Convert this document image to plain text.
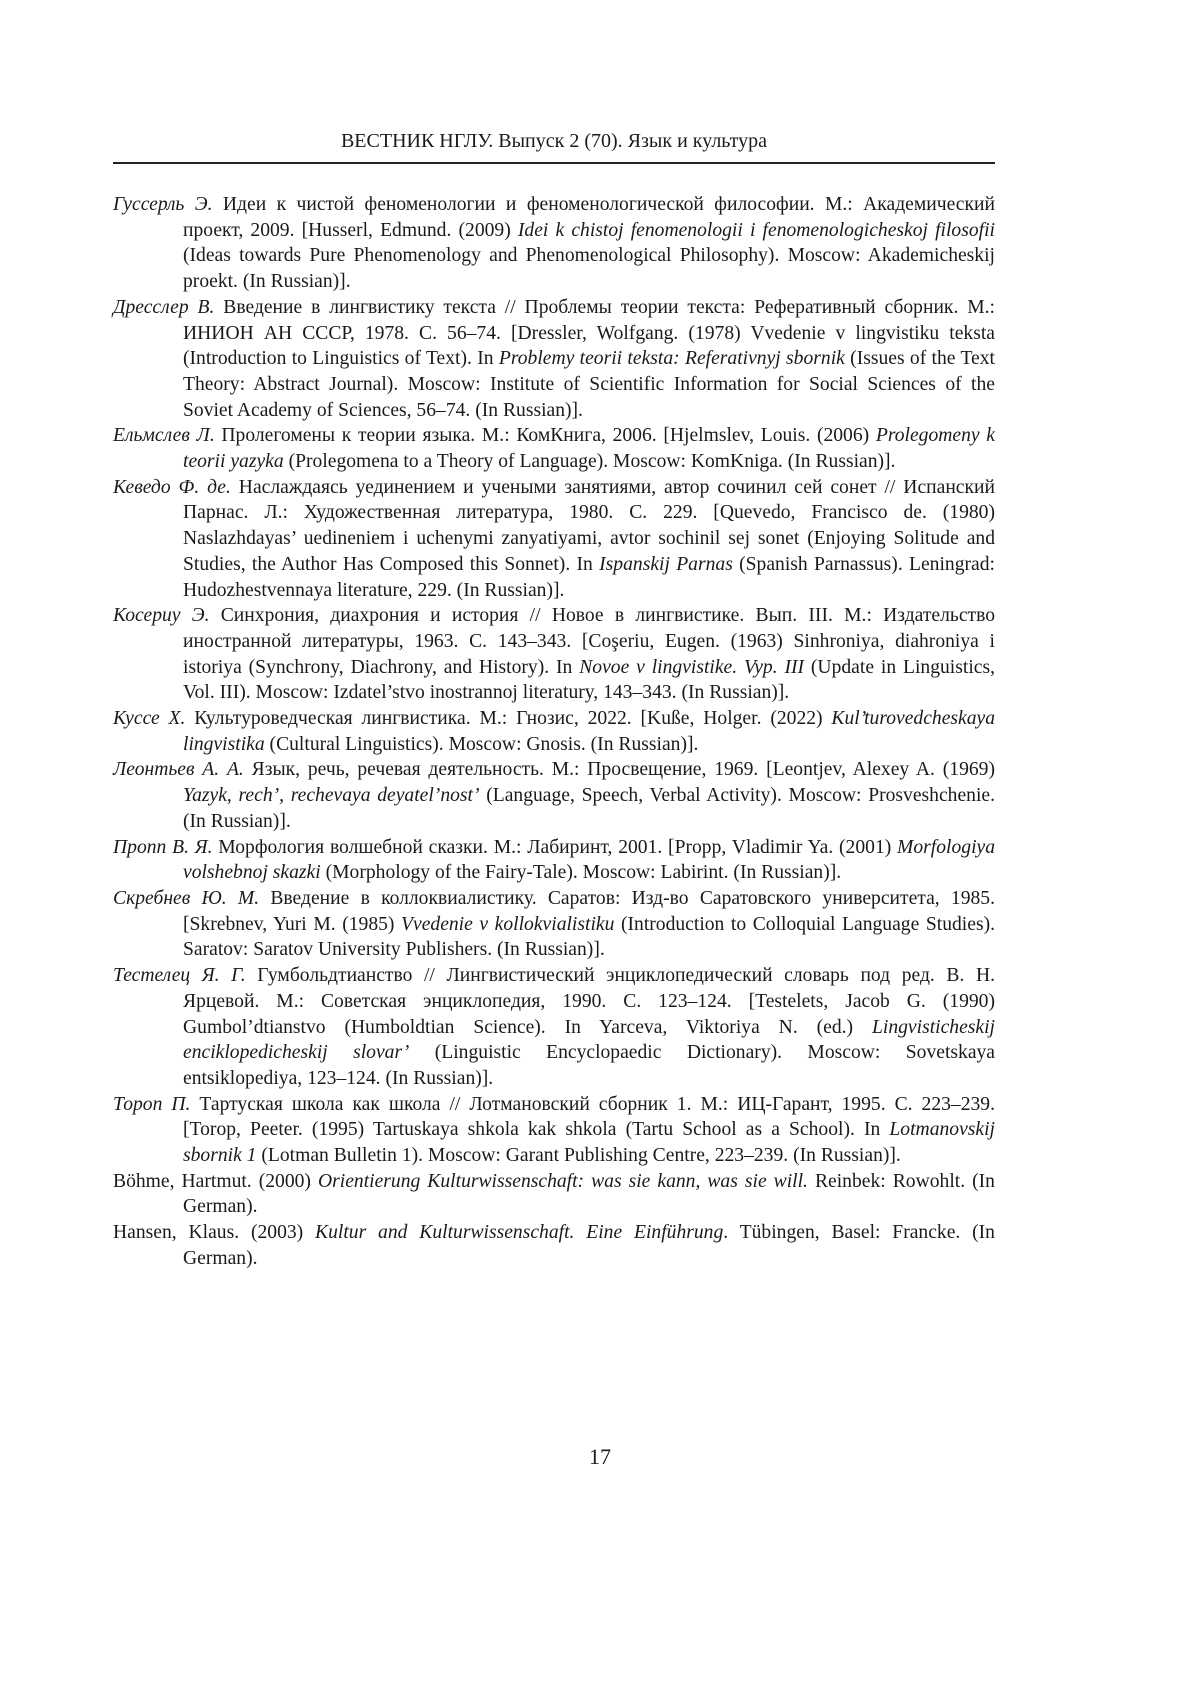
ВЕСТНИК НГЛУ. Выпуск 2 (70). Язык и культура

Гуссерль Э. Идеи к чистой феноменологии и феноменологической философии. М.: Академический проект, 2009. [Husserl, Edmund. (2009) Idei k chistoj fenomenologii i fenomenologicheskoj filosofii (Ideas towards Pure Phenomenology and Phenomenological Philosophy). Moscow: Akademicheskij proekt. (In Russian)].

Дресслер В. Введение в лингвистику текста // Проблемы теории текста: Реферативный сборник. М.: ИНИОН АН СССР, 1978. С. 56–74. [Dressler, Wolfgang. (1978) Vvedenie v lingvistiku teksta (Introduction to Linguistics of Text). In Problemy teorii teksta: Referativnyj sbornik (Issues of the Text Theory: Abstract Journal). Moscow: Institute of Scientific Information for Social Sciences of the Soviet Academy of Sciences, 56–74. (In Russian)].

Ельмслев Л. Пролегомены к теории языка. М.: КомКнига, 2006. [Hjelmslev, Louis. (2006) Prolegomeny k teorii yazyka (Prolegomena to a Theory of Language). Moscow: KomKniga. (In Russian)].

Кеведо Ф. де. Наслаждаясь уединением и учеными занятиями, автор сочинил сей сонет // Испанский Парнас. Л.: Художественная литература, 1980. С. 229. [Quevedo, Francisco de. (1980) Naslazhdayas’ uedineniem i uchenymi zanyatiyami, avtor sochinil sej sonet (Enjoying Solitude and Studies, the Author Has Composed this Sonnet). In Ispanskij Parnas (Spanish Parnassus). Leningrad: Hudozhestvennaya literature, 229. (In Russian)].

Косериу Э. Синхрония, диахрония и история // Новое в лингвистике. Вып. III. М.: Издательство иностранной литературы, 1963. С. 143–343. [Coşeriu, Eugen. (1963) Sinhroniya, diahroniya i istoriya (Synchrony, Diachrony, and History). In Novoe v lingvistike. Vyp. III (Update in Linguistics, Vol. III). Moscow: Izdatel’stvo inostrannoj literatury, 143–343. (In Russian)].

Куссе Х. Культуроведческая лингвистика. М.: Гнозис, 2022. [Kuße, Holger. (2022) Kul’turovedcheskaya lingvistika (Cultural Linguistics). Moscow: Gnosis. (In Russian)].

Леонтьев А. А. Язык, речь, речевая деятельность. М.: Просвещение, 1969. [Leontjev, Alexey A. (1969) Yazyk, rech’, rechevaya deyatel’nost’ (Language, Speech, Verbal Activity). Moscow: Prosveshchenie. (In Russian)].

Пропп В. Я. Морфология волшебной сказки. М.: Лабиринт, 2001. [Propp, Vladimir Ya. (2001) Morfologiya volshebnoj skazki (Morphology of the Fairy-Tale). Moscow: Labirint. (In Russian)].

Скребнев Ю. М. Введение в коллоквиалистику. Саратов: Изд-во Саратовского университета, 1985. [Skrebnev, Yuri M. (1985) Vvedenie v kollokvialistiku (Introduction to Colloquial Language Studies). Saratov: Saratov University Publishers. (In Russian)].

Тестелец Я. Г. Гумбольдтианство // Лингвистический энциклопедический словарь под ред. В. Н. Ярцевой. М.: Советская энциклопедия, 1990. С. 123–124. [Testelets, Jacob G. (1990) Gumbol’dtianstvo (Humboldtian Science). In Yarceva, Viktoriya N. (ed.) Lingvisticheskij enciklopedicheskij slovar’ (Linguistic Encyclopaedic Dictionary). Moscow: Sovetskaya entsiklopediya, 123–124. (In Russian)].

Тороп П. Тартуская школа как школа // Лотмановский сборник 1. М.: ИЦ-Гарант, 1995. С. 223–239. [Torop, Peeter. (1995) Tartuskaya shkola kak shkola (Tartu School as a School). In Lotmanovskij sbornik 1 (Lotman Bulletin 1). Moscow: Garant Publishing Centre, 223–239. (In Russian)].

Böhme, Hartmut. (2000) Orientierung Kulturwissenschaft: was sie kann, was sie will. Reinbek: Rowohlt. (In German).

Hansen, Klaus. (2003) Kultur and Kulturwissenschaft. Eine Einführung. Tübingen, Basel: Francke. (In German).

17
